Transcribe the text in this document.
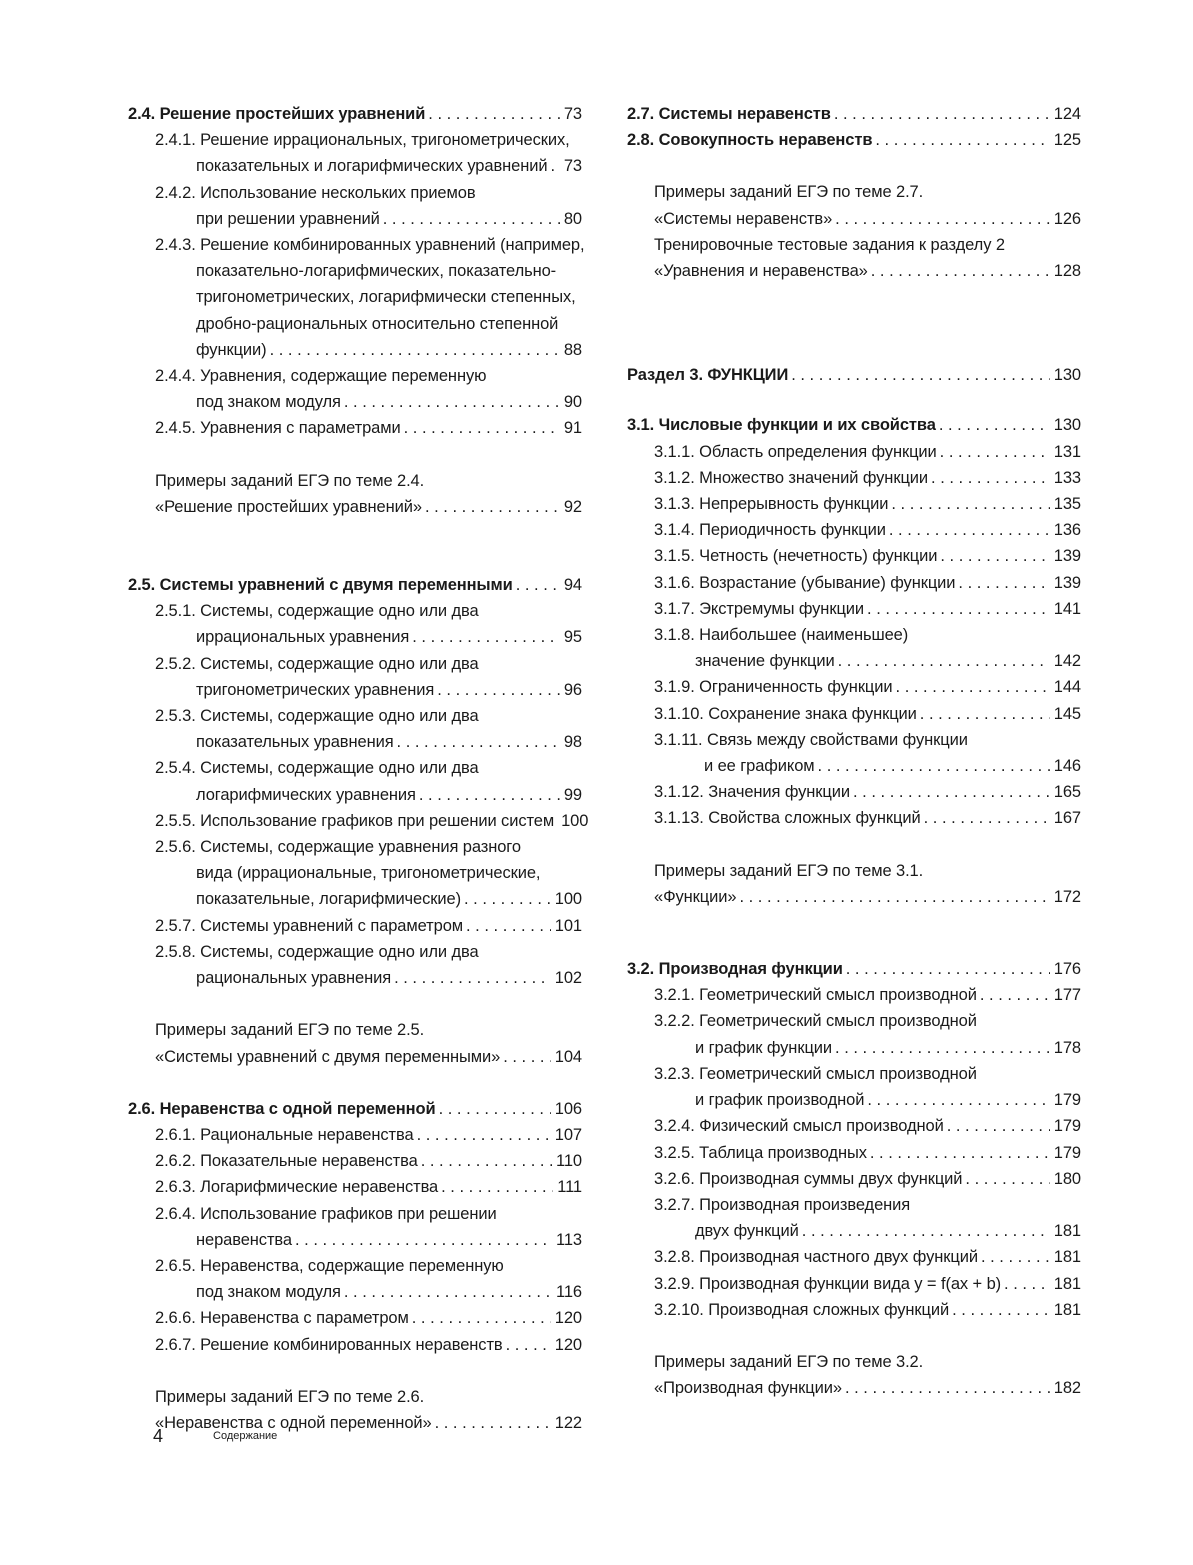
2.4. Решение простейших уравнений . . .	73
2.4.1. Решение иррациональных, тригонометрических,
показательных и логарифмических уравнений . . . 73
2.4.2. Использование нескольких приемов
при решении уравнений . . .	80
2.4.3. Решение комбинированных уравнений (например,
показательно-логарифмических, показательно-
тригонометрических, логарифмически степенных,
дробно-рациональных относительно степенной
функции) . . .	88
2.4.4. Уравнения, содержащие переменную
под знаком модуля . . .	90
2.4.5. Уравнения с параметрами . . .	91
Примеры заданий ЕГЭ по теме 2.4.
«Решение простейших уравнений» . . .	92
2.5. Системы уравнений с двумя переменными . . .	94
2.5.1. Системы, содержащие одно или два
иррациональных уравнения . . .	95
2.5.2. Системы, содержащие одно или два
тригонометрических уравнения . . .	96
2.5.3. Системы, содержащие одно или два
показательных уравнения . . .	98
2.5.4. Системы, содержащие одно или два
логарифмических уравнения . . .	99
2.5.5. Использование графиков при решении систем 100
2.5.6. Системы, содержащие уравнения разного
вида (иррациональные, тригонометрические,
показательные, логарифмические) . . .	100
2.5.7. Системы уравнений с параметром . . .	101
2.5.8. Системы, содержащие одно или два
рациональных уравнения . . .	102
Примеры заданий ЕГЭ по теме 2.5.
«Системы уравнений с двумя переменными» . . .	104
2.6. Неравенства с одной переменной . . .	106
2.6.1. Рациональные неравенства . . .	107
2.6.2. Показательные неравенства . . .	110
2.6.3. Логарифмические неравенства . . .	111
2.6.4. Использование графиков при решении
неравенства . . .	113
2.6.5. Неравенства, содержащие переменную
под знаком модуля . . .	116
2.6.6. Неравенства с параметром . . .	120
2.6.7. Решение комбинированных неравенств . . .	120
Примеры заданий ЕГЭ по теме 2.6.
«Неравенства с одной переменной» . . .	122
2.7. Системы неравенств . . .	124
2.8. Совокупность неравенств . . .	125
Примеры заданий ЕГЭ по теме 2.7.
«Системы неравенств» . . .	126
Тренировочные тестовые задания к разделу 2
«Уравнения и неравенства» . . .	128
Раздел 3. ФУНКЦИИ . . .	130
3.1. Числовые функции и их свойства . . .	130
3.1.1. Область определения функции . . .	131
3.1.2. Множество значений функции . . .	133
3.1.3. Непрерывность функции . . .	135
3.1.4. Периодичность функции . . .	136
3.1.5. Четность (нечетность) функции . . .	139
3.1.6. Возрастание (убывание) функции . . .	139
3.1.7. Экстремумы функции . . .	141
3.1.8. Наибольшее (наименьшее)
значение функции . . .	142
3.1.9. Ограниченность функции . . .	144
3.1.10. Сохранение знака функции . . .	145
3.1.11. Связь между свойствами функции
и ее графиком . . .	146
3.1.12. Значения функции . . .	165
3.1.13. Свойства сложных функций . . .	167
Примеры заданий ЕГЭ по теме 3.1.
«Функции» . . .	172
3.2. Производная функции . . .	176
3.2.1. Геометрический смысл производной . . .	177
3.2.2. Геометрический смысл производной
и график функции . . .	178
3.2.3. Геометрический смысл производной
и график производной . . .	179
3.2.4. Физический смысл производной . . .	179
3.2.5. Таблица производных . . .	179
3.2.6. Производная суммы двух функций . . .	180
3.2.7. Производная произведения
двух функций . . .	181
3.2.8. Производная частного двух функций . . .	181
3.2.9. Производная функции вида y = f(ax + b) . . .	181
3.2.10. Производная сложных функций . . .	181
Примеры заданий ЕГЭ по теме 3.2.
«Производная функции» . . .	182
4	Содержание
